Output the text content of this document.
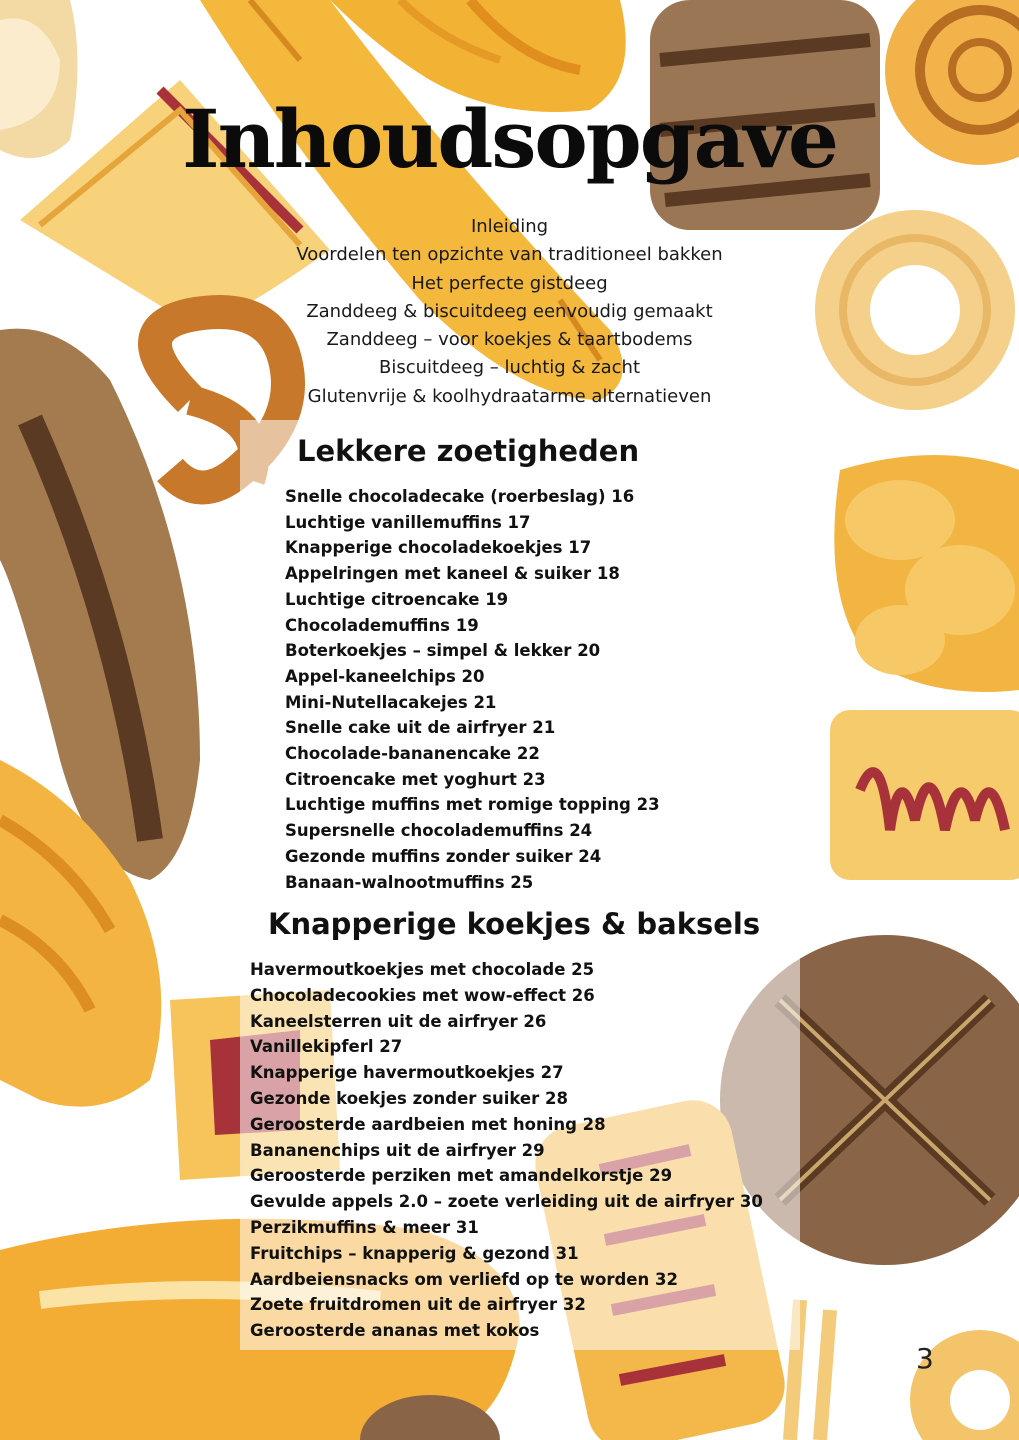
Inhoudsopgave
Inleiding
Voordelen ten opzichte van traditioneel bakken
Het perfecte gistdeeg
Zanddeeg & biscuitdeeg eenvoudig gemaakt
Zanddeeg – voor koekjes & taartbodems
Biscuitdeeg – luchtig & zacht
Glutenvrije & koolhydraatarme alternatieven
Lekkere zoetigheden
Snelle chocoladecake (roerbeslag) 16
Luchtige vanillemuffins 17
Knapperige chocoladekoekjes 17
Appelringen met kaneel & suiker 18
Luchtige citroencake 19
Chocolademuffins 19
Boterkoekjes – simpel & lekker 20
Appel-kaneelchips 20
Mini-Nutellacakejes 21
Snelle cake uit de airfryer 21
Chocolade-bananencake 22
Citroencake met yoghurt 23
Luchtige muffins met romige topping 23
Supersnelle chocolademuffins 24
Gezonde muffins zonder suiker 24
Banaan-walnootmuffins 25
Knapperige koekjes & baksels
Havermoutkoekjes met chocolade 25
Chocoladecookies met wow-effect 26
Kaneelsterren uit de airfryer 26
Vanillekipferl 27
Knapperige havermoutkoekjes 27
Gezonde koekjes zonder suiker 28
Geroosterde aardbeien met honing 28
Bananenchips uit de airfryer 29
Geroosterde perziken met amandelkorstje 29
Gevulde appels 2.0 – zoete verleiding uit de airfryer 30
Perzikmuffins & meer 31
Fruitchips – knapperig & gezond 31
Aardbeiensnacks om verliefd op te worden 32
Zoete fruitdromen uit de airfryer 32
Geroosterde ananas met kokos

3
